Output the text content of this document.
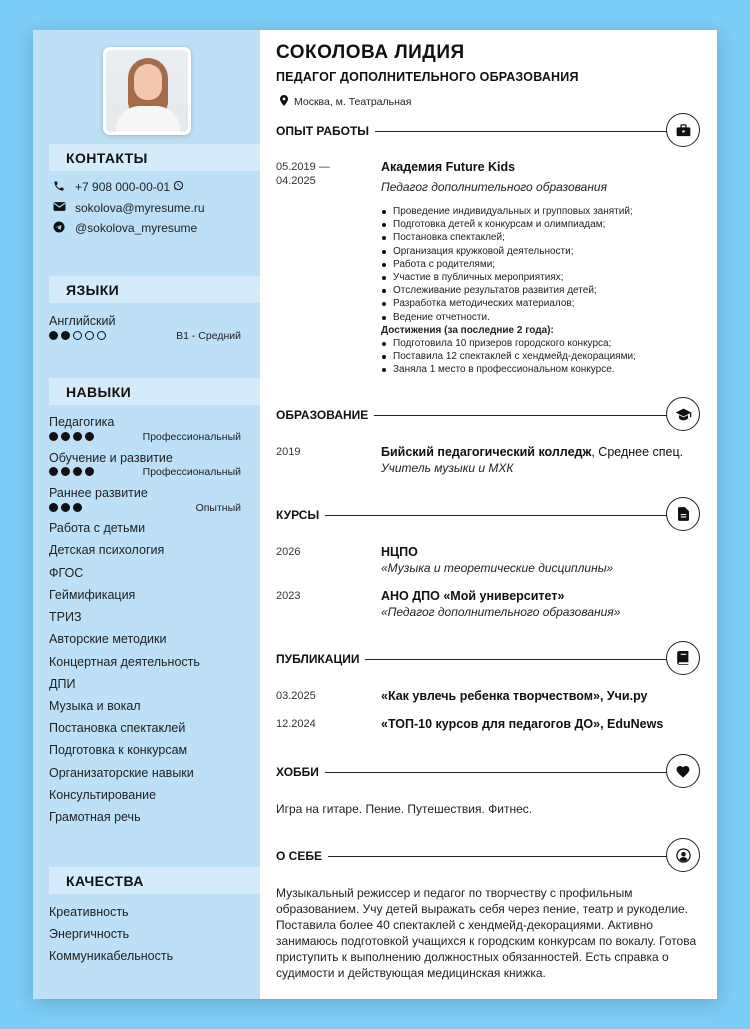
КОНТАКТЫ
+7 908 000-00-01
sokolova@myresume.ru
@sokolova_myresume
ЯЗЫКИ
Английский
B1 - Средний
НАВЫКИ
Педагогика
Профессиональный
Обучение и развитие
Профессиональный
Раннее развитие
Опытный
Работа с детьми
Детская психология
ФГОС
Геймификация
ТРИЗ
Авторские методики
Концертная деятельность
ДПИ
Музыка и вокал
Постановка спектаклей
Подготовка к конкурсам
Организаторские навыки
Консультирование
Грамотная речь
КАЧЕСТВА
Креативность
Энергичность
Коммуникабельность
СОКОЛОВА ЛИДИЯ
ПЕДАГОГ ДОПОЛНИТЕЛЬНОГО ОБРАЗОВАНИЯ
Москва, м. Театральная
ОПЫТ РАБОТЫ
05.2019 —
04.2025
Академия Future Kids
Педагог дополнительного образования
Проведение индивидуальных и групповых занятий;
Подготовка детей к конкурсам и олимпиадам;
Постановка спектаклей;
Организация кружковой деятельности;
Работа с родителями;
Участие в публичных мероприятиях;
Отслеживание результатов развития детей;
Разработка методических материалов;
Ведение отчетности.
Достижения (за последние 2 года):
Подготовила 10 призеров городского конкурса;
Поставила 12 спектаклей с хендмейд-декорациями;
Заняла 1 место в профессиональном конкурсе.
ОБРАЗОВАНИЕ
2019	Бийский педагогический колледж, Среднее спец.
Учитель музыки и МХК
КУРСЫ
2026	НЦПО
«Музыка и теоретические дисциплины»
2023	АНО ДПО «Мой университет»
«Педагог дополнительного образования»
ПУБЛИКАЦИИ
03.2025	«Как увлечь ребенка творчеством», Учи.ру
12.2024	«ТОП-10 курсов для педагогов ДО», EduNews
ХОББИ
Игра на гитаре. Пение. Путешествия. Фитнес.
О СЕБЕ
Музыкальный режиссер и педагог по творчеству с профильным образованием. Учу детей выражать себя через пение, театр и рукоделие. Поставила более 40 спектаклей с хендмейд-декорациями. Активно занимаюсь подготовкой учащихся к городским конкурсам по вокалу. Готова приступить к выполнению должностных обязанностей. Есть справка о судимости и действующая медицинская книжка.
